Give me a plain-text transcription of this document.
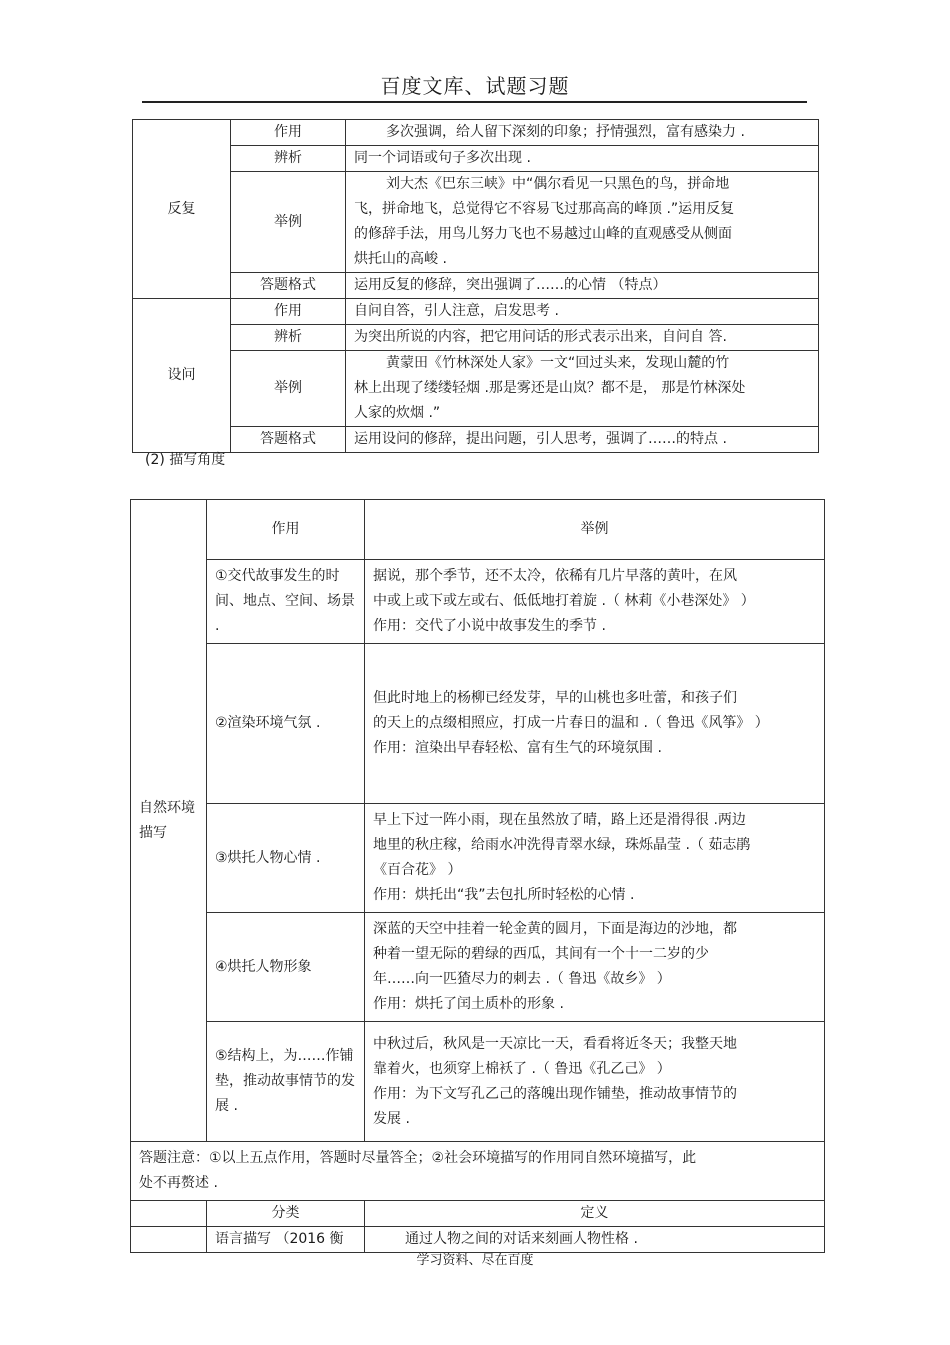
百度文库、试题习题
反复	作用	多次强调，给人留下深刻的印象；抒情强烈，富有感染力 .
	辨析	同一个词语或句子多次出现 .
	举例	刘大杰《巴东三峡》中“偶尔看见一只黑色的鸟，拼命地
飞，拼命地飞，总觉得它不容易飞过那高高的峰顶 .”运用反复
的修辞手法，用鸟儿努力飞也不易越过山峰的直观感受从侧面
烘托山的高峻 .

	答题格式	运用反复的修辞，突出强调了……的心情 （特点）
设问	作用	自问自答，引人注意，启发思考 .
	辨析	为突出所说的内容，把它用问话的形式表示出来，自问自 答.
	举例	黄蒙田《竹林深处人家》一文“回过头来，发现山麓的竹
林上出现了缕缕轻烟 .那是雾还是山岚？都不是， 那是竹林深处
人家的炊烟 .”

	答题格式	运用设问的修辞，提出问题，引人思考，强调了……的特点 .
(2) 描写角度
自然环境描写	作用	举例
	①交代故事发生的时间、地点、空间、场景 .	据说，那个季节，还不太冷，依稀有几片早落的黄叶，在风
中或上或下或左或右、低低地打着旋 .（ 林莉《小巷深处》 ）
作用：交代了小说中故事发生的季节 .

	②渲染环境气氛 .	但此时地上的杨柳已经发芽，早的山桃也多吐蕾，和孩子们
的天上的点缀相照应，打成一片春日的温和 .（ 鲁迅《风筝》 ）
作用：渲染出早春轻松、富有生气的环境氛围 .

	③烘托人物心情 .	早上下过一阵小雨，现在虽然放了晴，路上还是滑得很 .两边
地里的秋庄稼，给雨水冲洗得青翠水绿，珠烁晶莹 .（ 茹志鹃
《百合花》 ）
作用：烘托出“我”去包扎所时轻松的心情 .

	④烘托人物形象	深蓝的天空中挂着一轮金黄的圆月，下面是海边的沙地，都
种着一望无际的碧绿的西瓜，其间有一个十一二岁的少
年……向一匹猹尽力的刺去 .（ 鲁迅《故乡》 ）
作用：烘托了闰土质朴的形象 .

	⑤结构上，为……作铺垫，推动故事情节的发展 .	中秋过后，秋风是一天凉比一天，看看将近冬天；我整天地
靠着火，也须穿上棉袄了 .（ 鲁迅《孔乙己》 ）
作用：为下文写孔乙己的落魄出现作铺垫，推动故事情节的
发展 .

答题注意：①以上五点作用，答题时尽量答全；②社会环境描写的作用同自然环境描写，此
处不再赘述 .		

	分类	定义
	语言描写 （2016 衡	通过人物之间的对话来刻画人物性格 .
学习资料、尽在百度
